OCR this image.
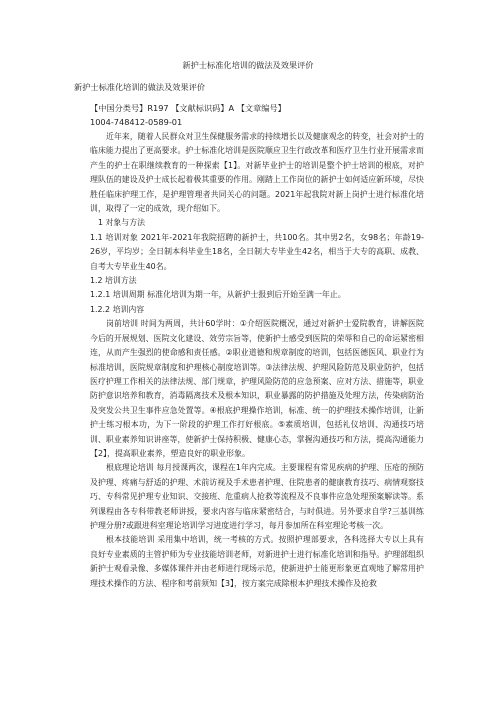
新护士标准化培训的做法及效果评价
新护士标准化培训的做法及效果评价
【中国分类号】R197 【文献标识码】A 【文章编号】
1004-748412-0589-01

近年来，随着人民群众对卫生保健服务需求的持续增长以及健康观念的转变，社会对护士的临床能力提出了更高要求。护士标准化培训是医院顺应卫生行政改革和医疗卫生行业开展需求而产生的护士在职继续教育的一种探索【1】。对新毕业护士的培训是整个护士培训的根底，对护理队伍的建设及护士成长起着极其重要的作用。刚踏上工作岗位的新护士如何适应新环境，尽快胜任临床护理工作，是护理管理者共同关心的问题。2021年起我院对新上岗护士进行标准化培训，取得了一定的成效，现介绍如下。

1 对象与方法

1.1 培训对象 2021年-2021年我院招聘的新护士，共100名。其中男2名，女98名；年龄19-26岁，平均岁；全日制本科毕业生18名，全日制大专毕业生42名，相当于大专的高职、成教、自考大专毕业生40名。

1.2 培训方法

1.2.1 培训周期 标准化培训为期一年，从新护士报到后开始至满一年止。

1.2.2 培训内容

岗前培训 时间为两周，共计60学时：①介绍医院概况，通过对新护士爱院教育，讲解医院今后的开展规划、医院文化建设、效劳宗旨等，使新护士感受到医院的荣辱和自己的命运紧密相连，从而产生强烈的使命感和责任感。②职业道德和规章制度的培训，包括医德医风、职业行为标准培训，医院规章制度和护理核心制度培训等。③法律法规、护理风险防范及职业防护，包括医疗护理工作相关的法律法规、部门规章，护理风险防范的应急预案、应对方法、措施等，职业防护意识培养和教育，消毒隔离技术及根本知识，职业暴露的防护措施及处理方法，传染病防治及突发公共卫生事件应急处置等。④根底护理操作培训，标准、统一的护理技术操作培训，让新护士练习根本功，为下一阶段的护理工作打好根底。⑤素质培训，包括礼仪培训、沟通技巧培训、职业素养知识讲座等，使新护士保持积极、健康心态，掌握沟通技巧和方法，提高沟通能力【2】，提高职业素养，塑造良好的职业形象。

根底理论培训 每月授课两次，课程在1年内完成。主要课程有常见疾病的护理、压疮的预防及护理、疼痛与舒适的护理、术前访视及手术患者护理、住院患者的健康教育技巧、病情观察技巧、专科常见护理专业知识、交接班、危重病人抢救等流程及不良事件应急处理预案解读等。系列课程由各专科带教老师讲授，要求内容与临床紧密结合，与时俱进。另外要求自学?三基训练护理分册?或跟进科室理论培训学习进度进行学习，每月参加所在科室理论考核一次。

根本技能培训 采用集中培训，统一考核的方式。按照护理部要求，各科选择大专以上具有良好专业素质的主管护师为专业技能培训老师，对新进护士进行标准化培训和指导。护理部组织新护士观看录像、多媒体课件并由老师进行现场示范，使新进护士能更形象更直观地了解常用护理技术操作的方法、程序和考前须知【3】，按方案完成除根本护理技术操作及抢救
